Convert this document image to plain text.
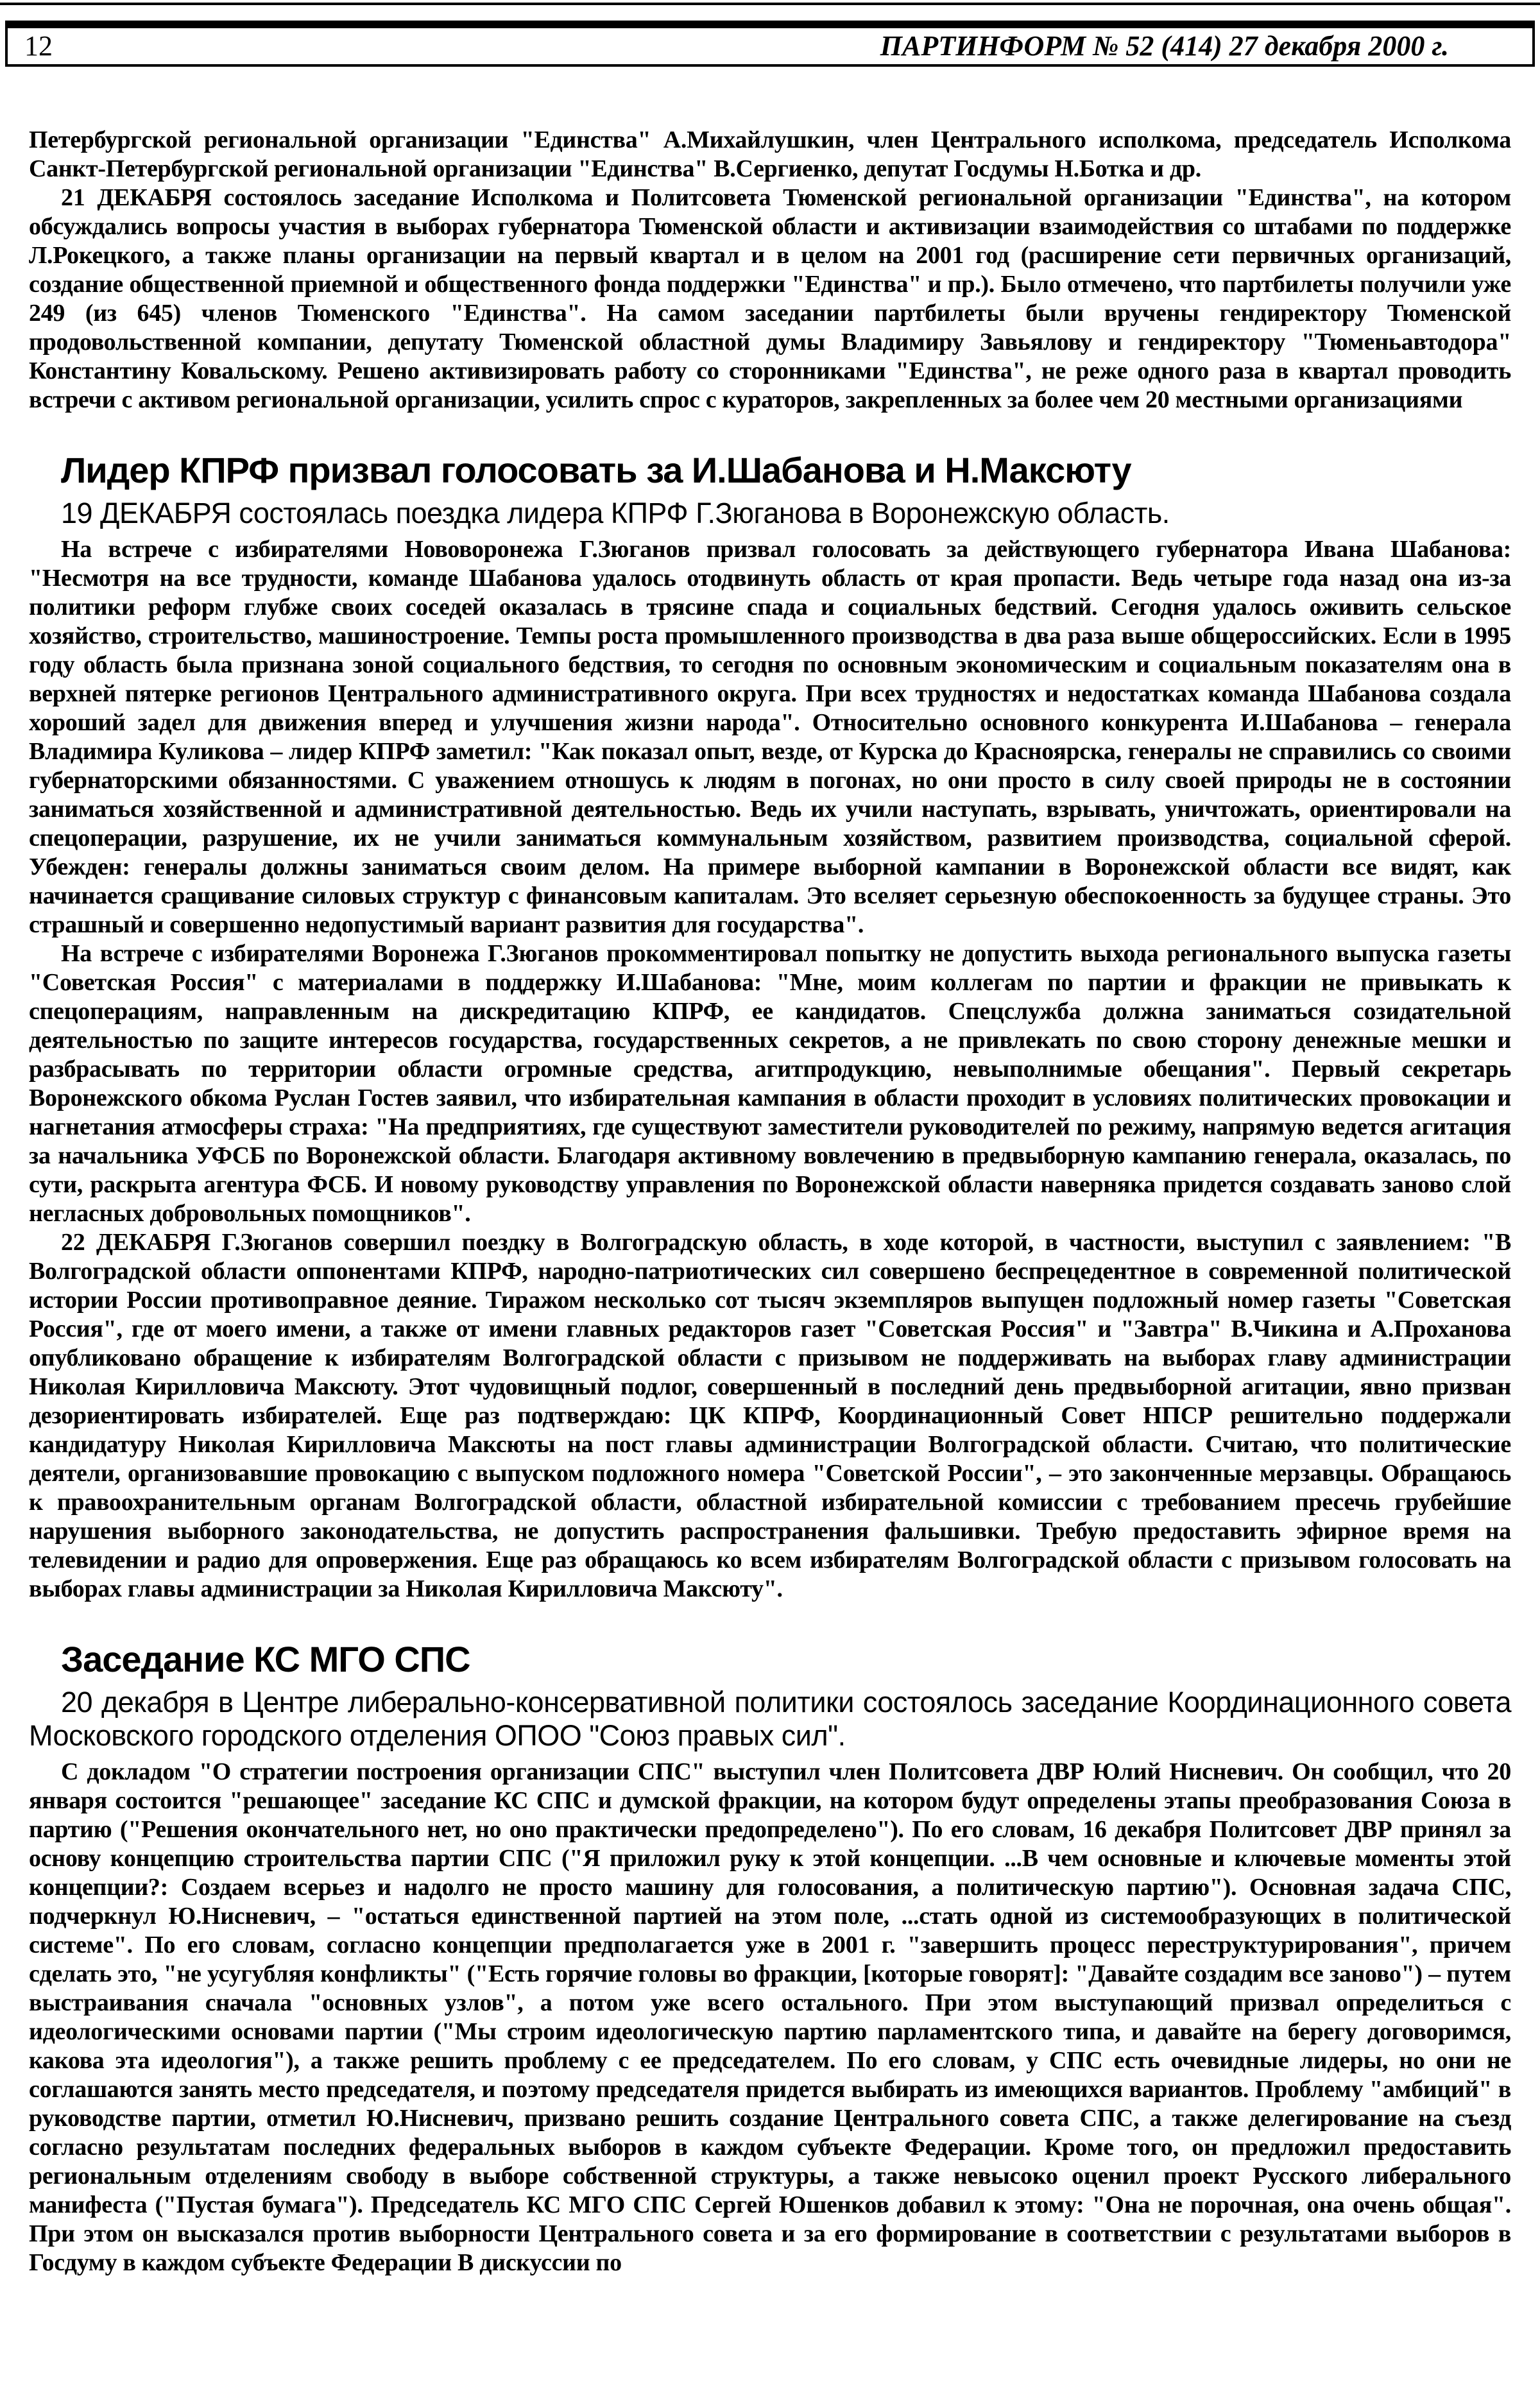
12	ПАРТИНФОРМ № 52 (414) 27 декабря 2000 г.

Петербургской региональной организации "Единства" А.Михайлушкин, член Центрального исполкома, председатель Исполкома Санкт-Петербургской региональной организации "Единства" В.Сергиенко, депутат Госдумы Н.Ботка и др.

21 ДЕКАБРЯ состоялось заседание Исполкома и Политсовета Тюменской региональной организации "Единства", на котором обсуждались вопросы участия в выборах губернатора Тюменской области и активизации взаимодействия со штабами по поддержке Л.Рокецкого, а также планы организации на первый квартал и в целом на 2001 год (расширение сети первичных организаций, создание общественной приемной и общественного фонда поддержки "Единства" и пр.). Было отмечено, что партбилеты получили уже 249 (из 645) членов Тюменского "Единства". На самом заседании партбилеты были вручены гендиректору Тюменской продовольственной компании, депутату Тюменской областной думы Владимиру Завьялову и гендиректору "Тюменьавтодора" Константину Ковальскому. Решено активизировать работу со сторонниками "Единства", не реже одного раза в квартал проводить встречи с активом региональной организации, усилить спрос с кураторов, закрепленных за более чем 20 местными организациями

Лидер КПРФ призвал голосовать за И.Шабанова и Н.Максюту

19 ДЕКАБРЯ состоялась поездка лидера КПРФ Г.Зюганова в Воронежскую область.

На встрече с избирателями Нововоронежа Г.Зюганов призвал голосовать за действующего губернатора Ивана Шабанова: "Несмотря на все трудности, команде Шабанова удалось отодвинуть область от края пропасти. Ведь четыре года назад она из-за политики реформ глубже своих соседей оказалась в трясине спада и социальных бедствий. Сегодня удалось оживить сельское хозяйство, строительство, машиностроение. Темпы роста промышленного производства в два раза выше общероссийских. Если в 1995 году область была признана зоной социального бедствия, то сегодня по основным экономическим и социальным показателям она в верхней пятерке регионов Центрального административного округа. При всех трудностях и недостатках команда Шабанова создала хороший задел для движения вперед и улучшения жизни народа". Относительно основного конкурента И.Шабанова – генерала Владимира Куликова – лидер КПРФ заметил: "Как показал опыт, везде, от Курска до Красноярска, генералы не справились со своими губернаторскими обязанностями. С уважением отношусь к людям в погонах, но они просто в силу своей природы не в состоянии заниматься хозяйственной и административной деятельностью. Ведь их учили наступать, взрывать, уничтожать, ориентировали на спецоперации, разрушение, их не учили заниматься коммунальным хозяйством, развитием производства, социальной сферой. Убежден: генералы должны заниматься своим делом. На примере выборной кампании в Воронежской области все видят, как начинается сращивание силовых структур с финансовым капиталам. Это вселяет серьезную обеспокоенность за будущее страны. Это страшный и совершенно недопустимый вариант развития для государства".

На встрече с избирателями Воронежа Г.Зюганов прокомментировал попытку не допустить выхода регионального выпуска газеты "Советская Россия" с материалами в поддержку И.Шабанова: "Мне, моим коллегам по партии и фракции не привыкать к спецоперациям, направленным на дискредитацию КПРФ, ее кандидатов. Спецслужба должна заниматься созидательной деятельностью по защите интересов государства, государственных секретов, а не привлекать по свою сторону денежные мешки и разбрасывать по территории области огромные средства, агитпродукцию, невыполнимые обещания". Первый секретарь Воронежского обкома Руслан Гостев заявил, что избирательная кампания в области проходит в условиях политических провокации и нагнетания атмосферы страха: "На предприятиях, где существуют заместители руководителей по режиму, напрямую ведется агитация за начальника УФСБ по Воронежской области. Благодаря активному вовлечению в предвыборную кампанию генерала, оказалась, по сути, раскрыта агентура ФСБ. И новому руководству управления по Воронежской области наверняка придется создавать заново слой негласных добровольных помощников".

22 ДЕКАБРЯ Г.Зюганов совершил поездку в Волгоградскую область, в ходе которой, в частности, выступил с заявлением: "В Волгоградской области оппонентами КПРФ, народно-патриотических сил совершено беспрецедентное в современной политической истории России противоправное деяние. Тиражом несколько сот тысяч экземпляров выпущен подложный номер газеты "Советская Россия", где от моего имени, а также от имени главных редакторов газет "Советская Россия" и "Завтра" В.Чикина и А.Проханова опубликовано обращение к избирателям Волгоградской области с призывом не поддерживать на выборах главу администрации Николая Кирилловича Максюту. Этот чудовищный подлог, совершенный в последний день предвыборной агитации, явно призван дезориентировать избирателей. Еще раз подтверждаю: ЦК КПРФ, Координационный Совет НПСР решительно поддержали кандидатуру Николая Кирилловича Максюты на пост главы администрации Волгоградской области. Считаю, что политические деятели, организовавшие провокацию с выпуском подложного номера "Советской России", – это законченные мерзавцы. Обращаюсь к правоохранительным органам Волгоградской области, областной избирательной комиссии с требованием пресечь грубейшие нарушения выборного законодательства, не допустить распространения фальшивки. Требую предоставить эфирное время на телевидении и радио для опровержения. Еще раз обращаюсь ко всем избирателям Волгоградской области с призывом голосовать на выборах главы администрации за Николая Кирилловича Максюту".

Заседание КС МГО СПС

20 декабря в Центре либерально-консервативной политики состоялось заседание Координационного совета Московского городского отделения ОПОО "Союз правых сил".

С докладом "О стратегии построения организации СПС" выступил член Политсовета ДВР Юлий Нисневич. Он сообщил, что 20 января состоится "решающее" заседание КС СПС и думской фракции, на котором будут определены этапы преобразования Союза в партию ("Решения окончательного нет, но оно практически предопределено"). По его словам, 16 декабря Политсовет ДВР принял за основу концепцию строительства партии СПС ("Я приложил руку к этой концепции. ...В чем основные и ключевые моменты этой концепции?: Создаем всерьез и надолго не просто машину для голосования, а политическую партию"). Основная задача СПС, подчеркнул Ю.Нисневич, – "остаться единственной партией на этом поле, ...стать одной из системообразующих в политической системе". По его словам, согласно концепции предполагается уже в 2001 г. "завершить процесс переструктурирования", причем сделать это, "не усугубляя конфликты" ("Есть горячие головы во фракции, [которые говорят]: "Давайте создадим все заново") – путем выстраивания сначала "основных узлов", а потом уже всего остального. При этом выступающий призвал определиться с идеологическими основами партии ("Мы строим идеологическую партию парламентского типа, и давайте на берегу договоримся, какова эта идеология"), а также решить проблему с ее председателем. По его словам, у СПС есть очевидные лидеры, но они не соглашаются занять место председателя, и поэтому председателя придется выбирать из имеющихся вариантов. Проблему "амбиций" в руководстве партии, отметил Ю.Нисневич, призвано решить создание Центрального совета СПС, а также делегирование на съезд согласно результатам последних федеральных выборов в каждом субъекте Федерации. Кроме того, он предложил предоставить региональным отделениям свободу в выборе собственной структуры, а также невысоко оценил проект Русского либерального манифеста ("Пустая бумага"). Председатель КС МГО СПС Сергей Юшенков добавил к этому: "Она не порочная, она очень общая". При этом он высказался против выборности Центрального совета и за его формирование в соответствии с результатами выборов в Госдуму в каждом субъекте Федерации В дискуссии по
